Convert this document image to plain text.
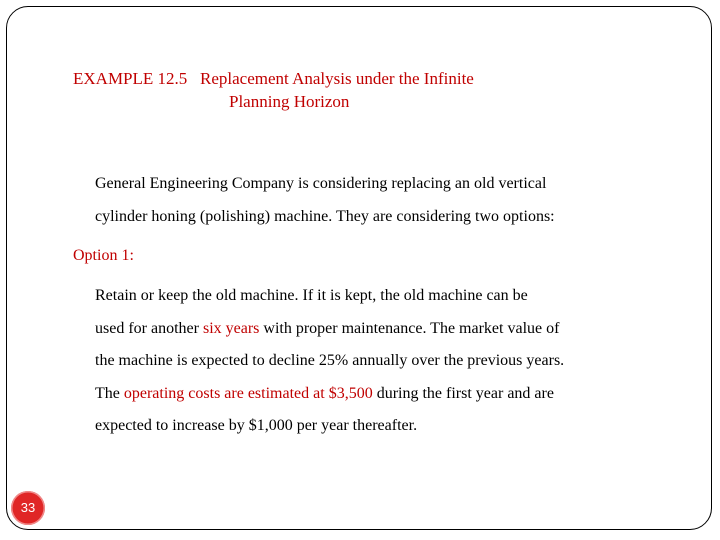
EXAMPLE 12.5 Replacement Analysis under the Infinite
Planning Horizon
General Engineering Company is considering replacing an old vertical
cylinder honing (polishing) machine. They are considering two options:
Option 1:
Retain or keep the old machine. If it is kept, the old machine can be
used for another six years with proper maintenance. The market value of
the machine is expected to decline 25% annually over the previous years.
The operating costs are estimated at $3,500 during the first year and are
expected to increase by $1,000 per year thereafter.
33
